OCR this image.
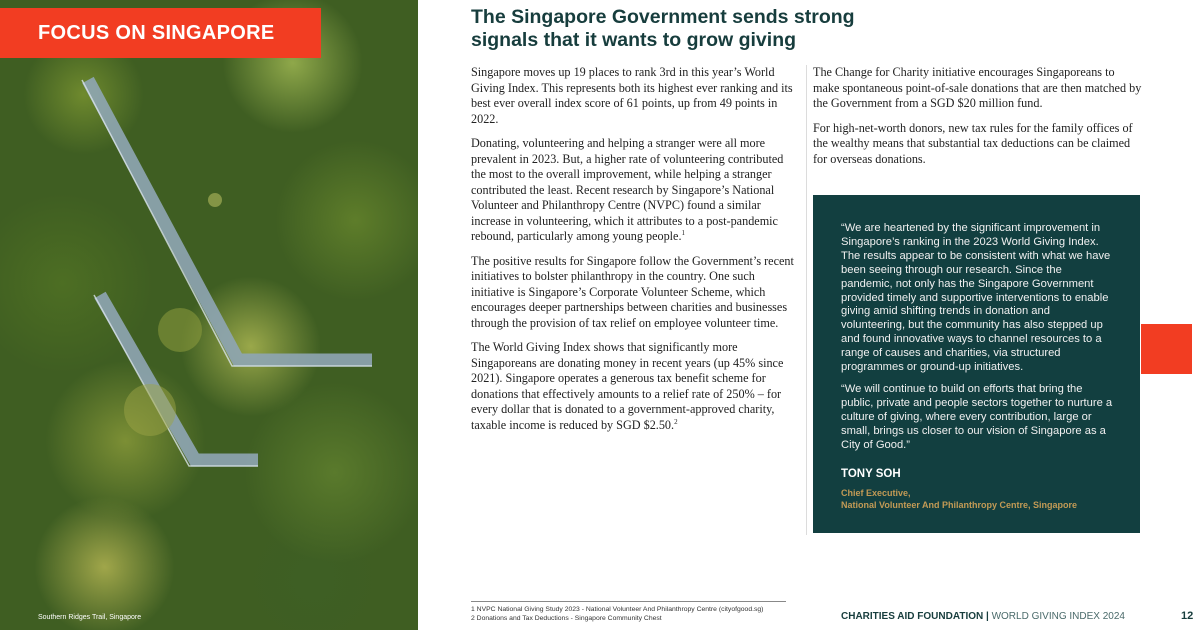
FOCUS ON SINGAPORE
Southern Ridges Trail, Singapore
The Singapore Government sends strong
signals that it wants to grow giving

Singapore moves up 19 places to rank 3rd in this year’s World Giving Index. This represents both its highest ever ranking and its best ever overall index score of 61 points, up from 49 points in 2022.

Donating, volunteering and helping a stranger were all more prevalent in 2023. But, a higher rate of volunteering contributed the most to the overall improvement, while helping a stranger contributed the least. Recent research by Singapore’s National Volunteer and Philanthropy Centre (NVPC) found a similar increase in volunteering, which it attributes to a post-pandemic rebound, particularly among young people.$^1$

The positive results for Singapore follow the Government’s recent initiatives to bolster philanthropy in the country. One such initiative is Singapore’s Corporate Volunteer Scheme, which encourages deeper partnerships between charities and businesses through the provision of tax relief on employee volunteer time.

The World Giving Index shows that significantly more Singaporeans are donating money in recent years (up 45% since 2021). Singapore operates a generous tax benefit scheme for donations that effectively amounts to a relief rate of 250% – for every dollar that is donated to a government-approved charity, taxable income is reduced by SGD $2.50.$^2$

The Change for Charity initiative encourages Singaporeans to make spontaneous point-of-sale donations that are then matched by the Government from a SGD $20 million fund.

For high-net-worth donors, new tax rules for the family offices of the wealthy means that substantial tax deductions can be claimed for overseas donations.

“We are heartened by the significant improvement in Singapore’s ranking in the 2023 World Giving Index. The results appear to be consistent with what we have been seeing through our research. Since the pandemic, not only has the Singapore Government provided timely and supportive interventions to enable giving amid shifting trends in donation and volunteering, but the community has also stepped up and found innovative ways to channel resources to a range of causes and charities, via structured programmes or ground-up initiatives.

“We will continue to build on efforts that bring the public, private and people sectors together to nurture a culture of giving, where every contribution, large or small, brings us closer to our vision of Singapore as a City of Good.”

TONY SOH
Chief Executive,
National Volunteer And Philanthropy Centre, Singapore
1 NVPC National Giving Study 2023 - National Volunteer And Philanthropy Centre (cityofgood.sg)
2 Donations and Tax Deductions - Singapore Community Chest	CHARITIES AID FOUNDATION | WORLD GIVING INDEX 2024	12
